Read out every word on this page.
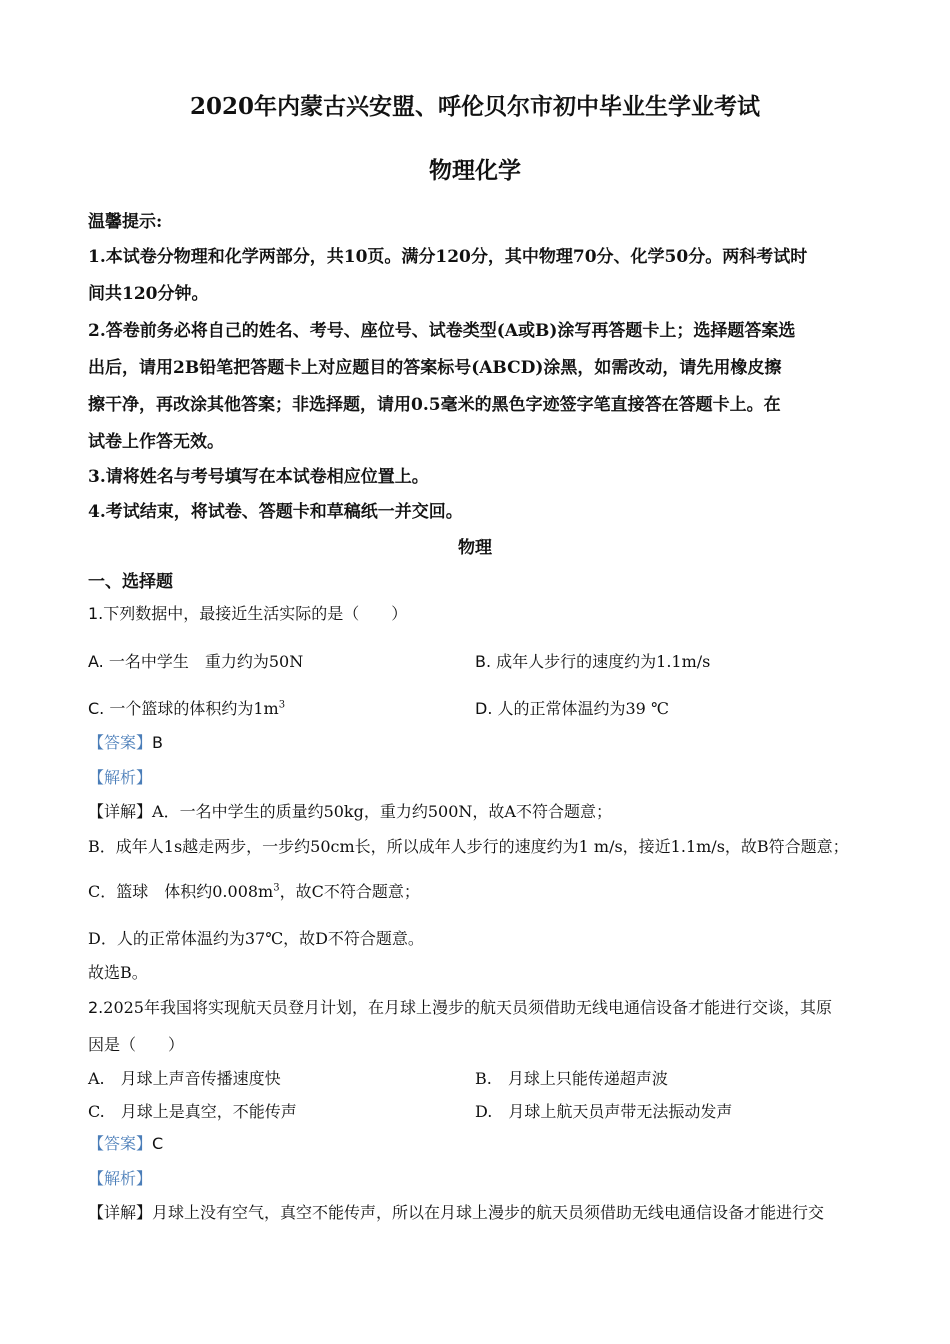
2020年内蒙古兴安盟、呼伦贝尔市初中毕业生学业考试
物理化学
温馨提示:
1.本试卷分物理和化学两部分，共10页。满分120分，其中物理70分、化学50分。两科考试时
间共120分钟。
2.答卷前务必将自己的姓名、考号、座位号、试卷类型(A或B)涂写再答题卡上；选择题答案选
出后，请用2B铅笔把答题卡上对应题目的答案标号(ABCD)涂黑，如需改动，请先用橡皮擦
擦干净，再改涂其他答案；非选择题，请用0.5毫米的黑色字迹签字笔直接答在答题卡上。在
试卷上作答无效。
3.请将姓名与考号填写在本试卷相应位置上。
4.考试结束，将试卷、答题卡和草稿纸一并交回。
物理
一、选择题
1.下列数据中，最接近生活实际的是（　　）
A. 一名中学生　重力约为50N	B. 成年人步行的速度约为1.1m/s
C. 一个篮球的体积约为$1m^3$	D. 人的正常体温约为39 ℃
【答案】B
【解析】
【详解】A．一名中学生的质量约50kg，重力约500N，故A不符合题意；
B．成年人1s越走两步，一步约50cm长，所以成年人步行的速度约为1 m/s，接近1.1m/s，故B符合题意；
C．篮球　体积约$0.008m^3$，故C不符合题意；
D．人的正常体温约为37℃，故D不符合题意。
故选B。
2.2025年我国将实现航天员登月计划，在月球上漫步的航天员须借助无线电通信设备才能进行交谈，其原
因是（　　）
A.　月球上声音传播速度快	B.　月球上只能传递超声波
C.　月球上是真空，不能传声	D.　月球上航天员声带无法振动发声
【答案】C
【解析】
【详解】月球上没有空气，真空不能传声，所以在月球上漫步的航天员须借助无线电通信设备才能进行交
